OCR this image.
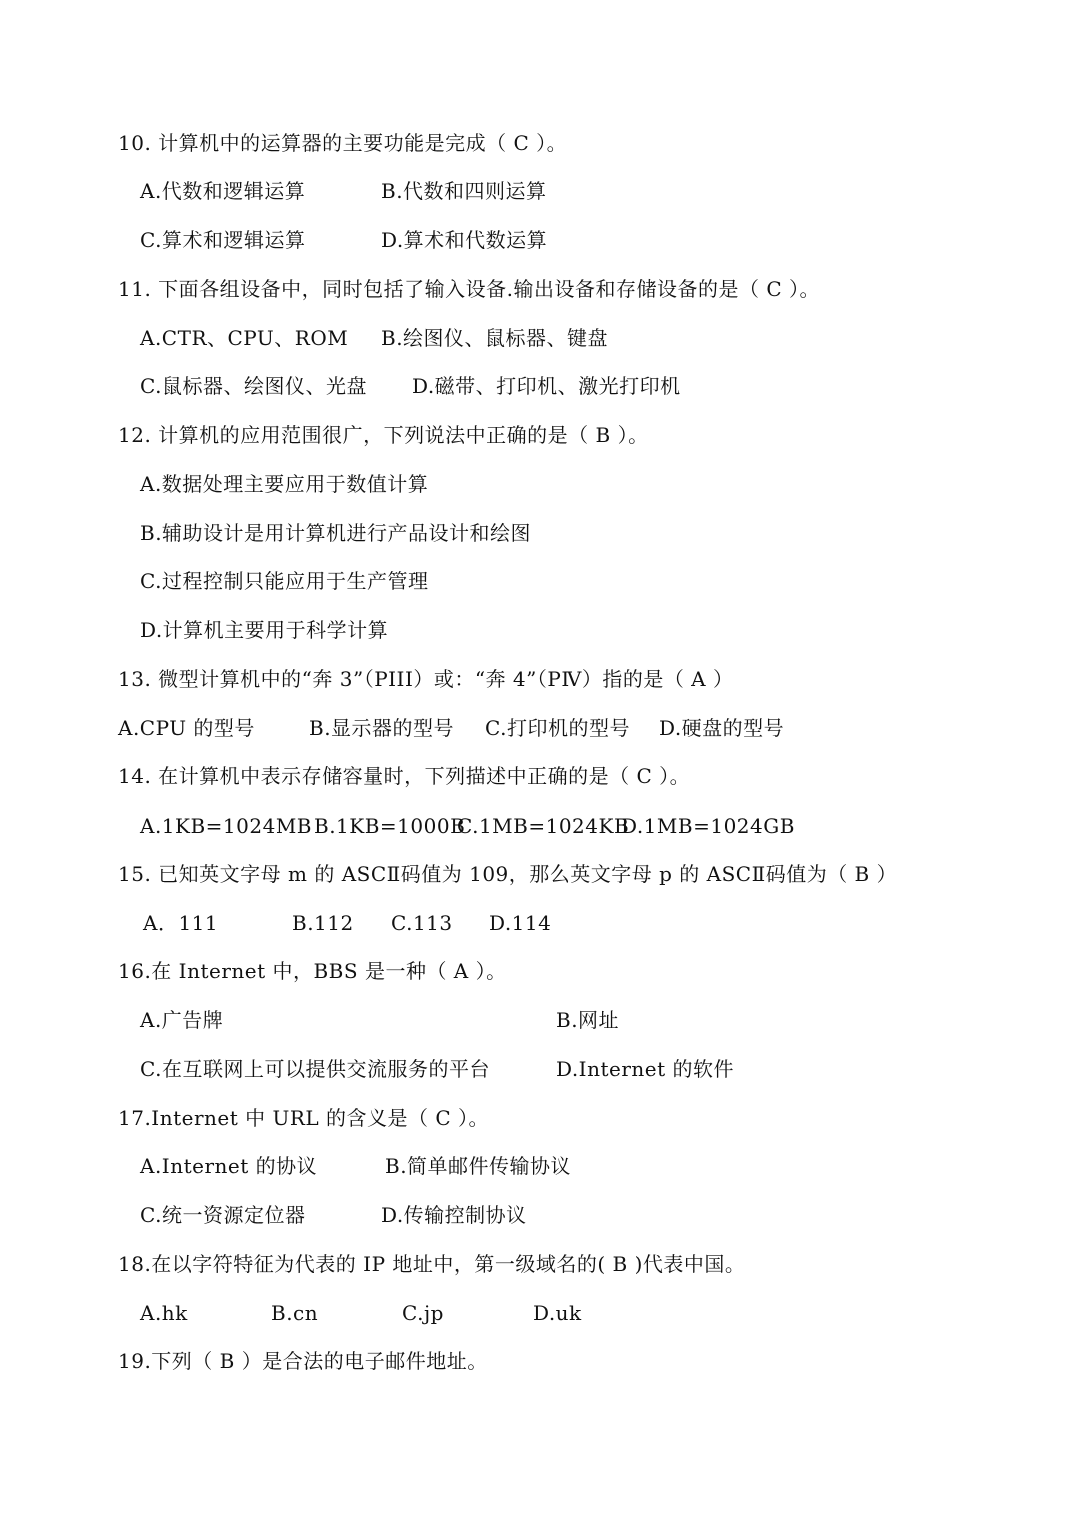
10. 计算机中的运算器的主要功能是完成（ C ）。
A.代数和逻辑运算	B.代数和四则运算
C.算术和逻辑运算	D.算术和代数运算
11. 下面各组设备中，同时包括了输入设备.输出设备和存储设备的是（ C ）。
A.CTR、CPU、ROM B.绘图仪、鼠标器、键盘
C.鼠标器、绘图仪、光盘 D.磁带、打印机、激光打印机
12. 计算机的应用范围很广，下列说法中正确的是（ B ）。
A.数据处理主要应用于数值计算
B.辅助设计是用计算机进行产品设计和绘图
C.过程控制只能应用于生产管理
D.计算机主要用于科学计算
13. 微型计算机中的“奔 3”（PIII）或：“奔 4”（PⅣ）指的是（ A ）
A.CPU 的型号	B.显示器的型号 C.打印机的型号 D.硬盘的型号
14. 在计算机中表示存储容量时，下列描述中正确的是（ C ）。
A.1KB=1024MB B.1KB=1000B
C.1MB=1024KB
D.1MB=1024GB
15. 已知英文字母 m 的 ASCⅡ码值为 109，那么英文字母 p 的 ASCⅡ码值为（ B ）
A．111	B.112 C.113 D.114
16.在 Internet 中，BBS 是一种（ A ）。
A.广告牌	B.网址
C.在互联网上可以提供交流服务的平台	D.Internet 的软件
17.Internet 中 URL 的含义是（ C ）。
A.Internet 的协议	B.简单邮件传输协议
C.统一资源定位器	D.传输控制协议
18.在以字符特征为代表的 IP 地址中，第一级域名的( B )代表中国。
A.hk	B.cn	C.jp	D.uk
19.下列（ B ）是合法的电子邮件地址。
